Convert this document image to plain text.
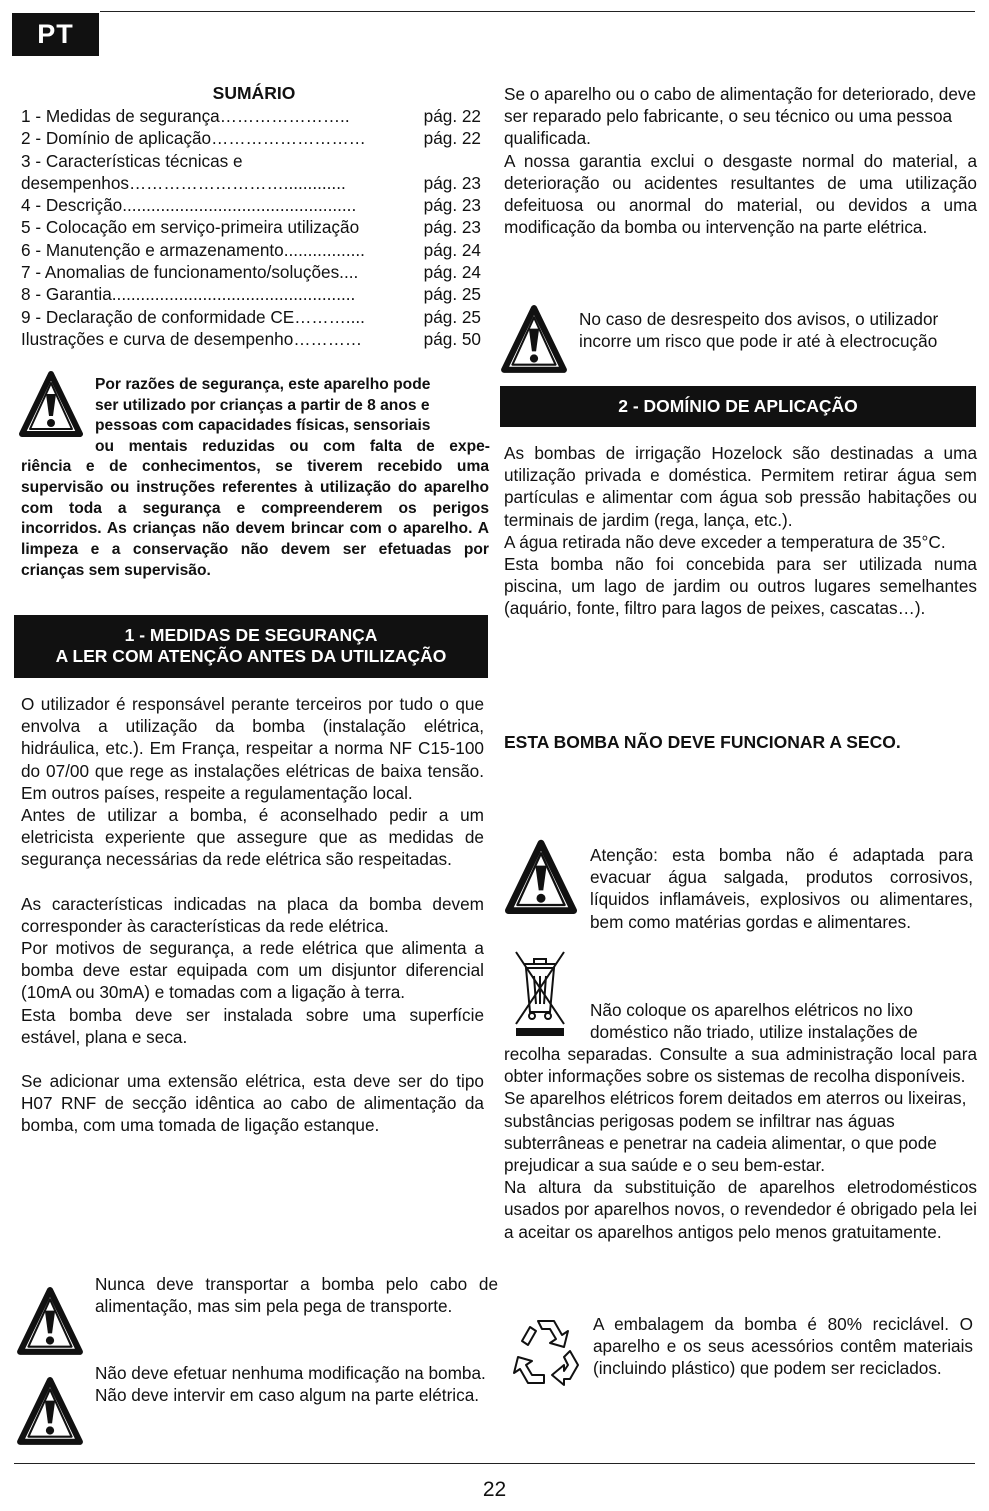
PT
SUMÁRIO
1 - Medidas de segurança …………………..	pág. 22
2 - Domínio de aplicação ………………………	pág. 22
3 - Características técnicas e
desempenhos ……………………….............	pág. 23
4 - Descrição .................................................	pág. 23
5 - Colocação em serviço-primeira utilização	pág. 23
6 - Manutenção e armazenamento .................	pág. 24
7 - Anomalias de funcionamento/soluções ....	pág. 24
8 - Garantia ...................................................	pág. 25
9 - Declaração de conformidade CE ………....	pág. 25
Ilustrações e curva de desempenho …………	pág. 50

Por razões de segurança, este aparelho pode

ser utilizado por crianças a partir de 8 anos e

pessoas com capacidades físicas, sensoriais

ou mentais reduzidas ou com falta de expe-

riência e de conhecimentos, se tiverem recebido uma supervisão ou instruções referentes à utilização do aparelho com toda a segurança e compreenderem os perigos incorridos. As crianças não devem brincar com o aparelho. A limpeza e a conservação não devem ser efetuadas por crianças sem supervisão.

1 - MEDIDAS DE SEGURANÇA
A LER COM ATENÇÃO ANTES DA UTILIZAÇÃO

O utilizador é responsável perante terceiros por tudo o que envolva a utilização da bomba (instalação elétrica, hidráulica, etc.). Em França, respeitar a norma NF C15-100 do 07/00 que rege as instalações elétricas de baixa tensão. Em outros países, respeite a regulamentação local.

Antes de utilizar a bomba, é aconselhado pedir a um eletricista experiente que assegure que as medidas de segurança necessárias da rede elétrica são respeitadas.

As características indicadas na placa da bomba devem corresponder às características da rede elétrica.

Por motivos de segurança, a rede elétrica que alimenta a bomba deve estar equipada com um disjuntor diferencial (10mA ou 30mA) e tomadas com a ligação à terra.

Esta bomba deve ser instalada sobre uma superfície estável, plana e seca.

Se adicionar uma extensão elétrica, esta deve ser do tipo H07 RNF de secção idêntica ao cabo de alimentação da bomba, com uma tomada de ligação estanque.

Nunca deve transportar a bomba pelo cabo de alimentação, mas sim pela pega de transporte.

Não deve efetuar nenhuma modificação na bomba. Não deve intervir em caso algum na parte elétrica.

Se o aparelho ou o cabo de alimentação for deteriorado, deve ser reparado pelo fabricante, o seu técnico ou uma pessoa qualificada.

A nossa garantia exclui o desgaste normal do material, a deterioração ou acidentes resultantes de uma utilização defeituosa ou anormal do material, ou devidos a uma modificação da bomba ou intervenção na parte elétrica.

No caso de desrespeito dos avisos, o utilizador incorre um risco que pode ir até à electrocução

2 - DOMÍNIO DE APLICAÇÃO

As bombas de irrigação Hozelock são destinadas a uma utilização privada e doméstica. Permitem retirar água sem partículas e alimentar com água sob pressão habitações ou terminais de jardim (rega, lança, etc.).

A água retirada não deve exceder a temperatura de 35°C.

Esta bomba não foi concebida para ser utilizada numa piscina, um lago de jardim ou outros lugares semelhantes (aquário, fonte, filtro para lagos de peixes, cascatas…).

ESTA BOMBA NÃO DEVE FUNCIONAR A SECO.

Atenção: esta bomba não é adaptada para evacuar água salgada, produtos corrosivos, líquidos inflamáveis, explosivos ou alimentares, bem como matérias gordas e alimentares.

Não coloque os aparelhos elétricos no lixo doméstico não triado, utilize instalações de

recolha separadas. Consulte a sua administração local para obter informações sobre os sistemas de recolha disponíveis.

Se aparelhos elétricos forem deitados em aterros ou lixeiras, substâncias perigosas podem se infiltrar nas águas subterrâneas e penetrar na cadeia alimentar, o que pode prejudicar a sua saúde e o seu bem-estar.

Na altura da substituição de aparelhos eletrodomésticos usados por aparelhos novos, o revendedor é obrigado pela lei a aceitar os aparelhos antigos pelo menos gratuitamente.

A embalagem da bomba é 80% reciclável. O aparelho e os seus acessórios contêm materiais (incluindo plástico) que podem ser reciclados.

22
